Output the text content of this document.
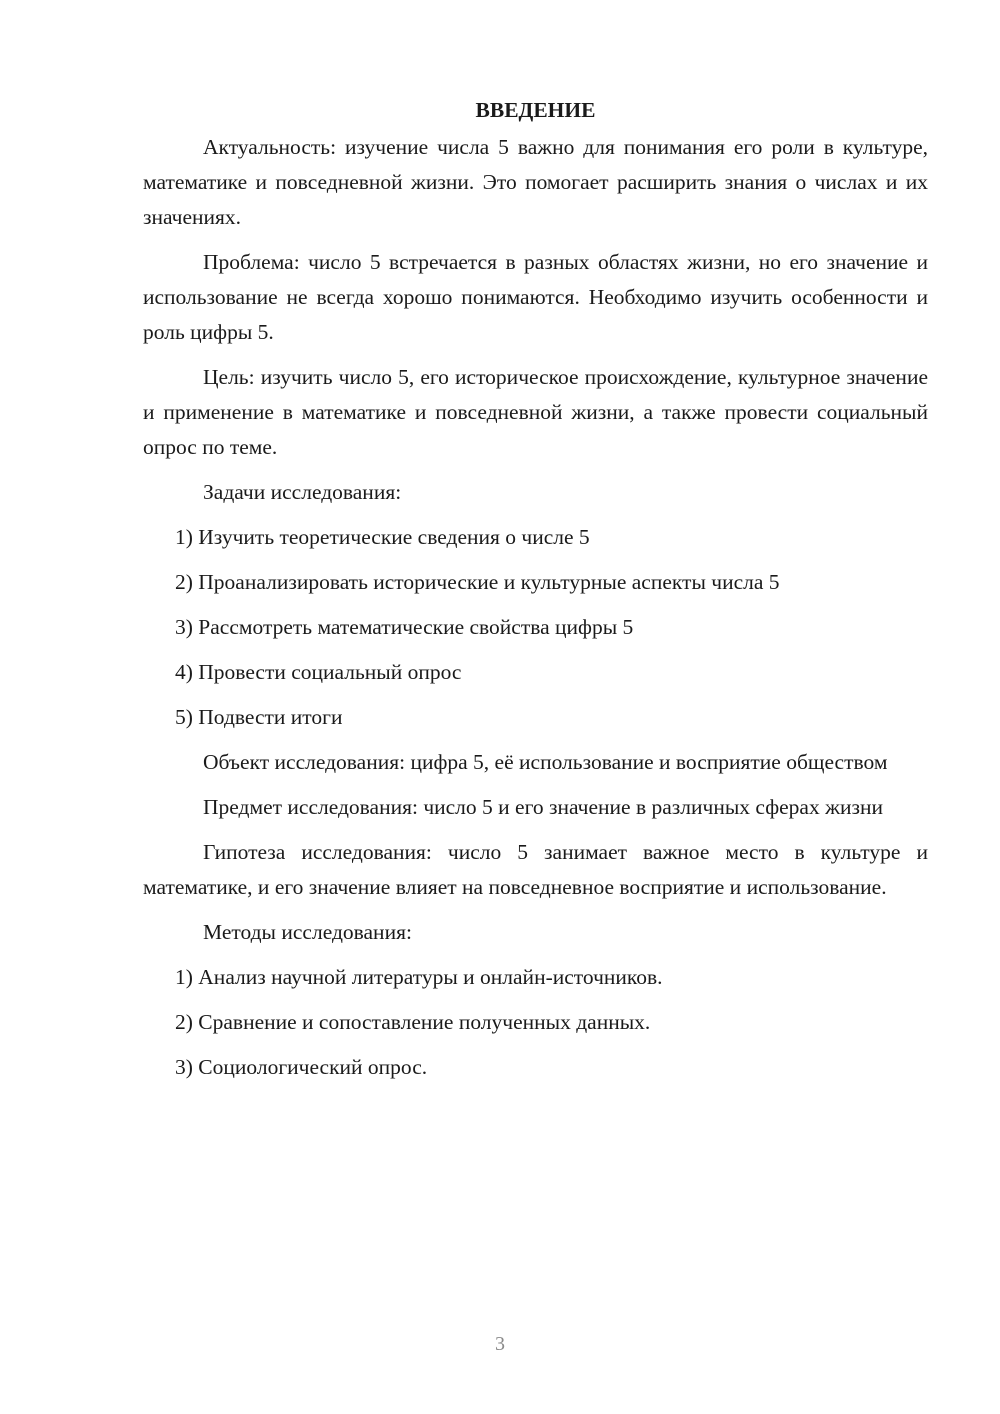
ВВЕДЕНИЕ

Актуальность: изучение числа 5 важно для понимания его роли в культуре, математике и повседневной жизни. Это помогает расширить знания о числах и их значениях.

Проблема: число 5 встречается в разных областях жизни, но его значение и использование не всегда хорошо понимаются. Необходимо изучить особенности и роль цифры 5.

Цель: изучить число 5, его историческое происхождение, культурное значение и применение в математике и повседневной жизни, а также провести социальный опрос по теме.

Задачи исследования:

1) Изучить теоретические сведения о числе 5
2) Проанализировать исторические и культурные аспекты числа 5
3) Рассмотреть математические свойства цифры 5
4) Провести социальный опрос
5) Подвести итоги

Объект исследования: цифра 5, её использование и восприятие обществом

Предмет исследования: число 5 и его значение в различных сферах жизни

Гипотеза исследования: число 5 занимает важное место в культуре и математике, и его значение влияет на повседневное восприятие и использование.

Методы исследования:

1) Анализ научной литературы и онлайн-источников.
2) Сравнение и сопоставление полученных данных.
3) Социологический опрос.
3
